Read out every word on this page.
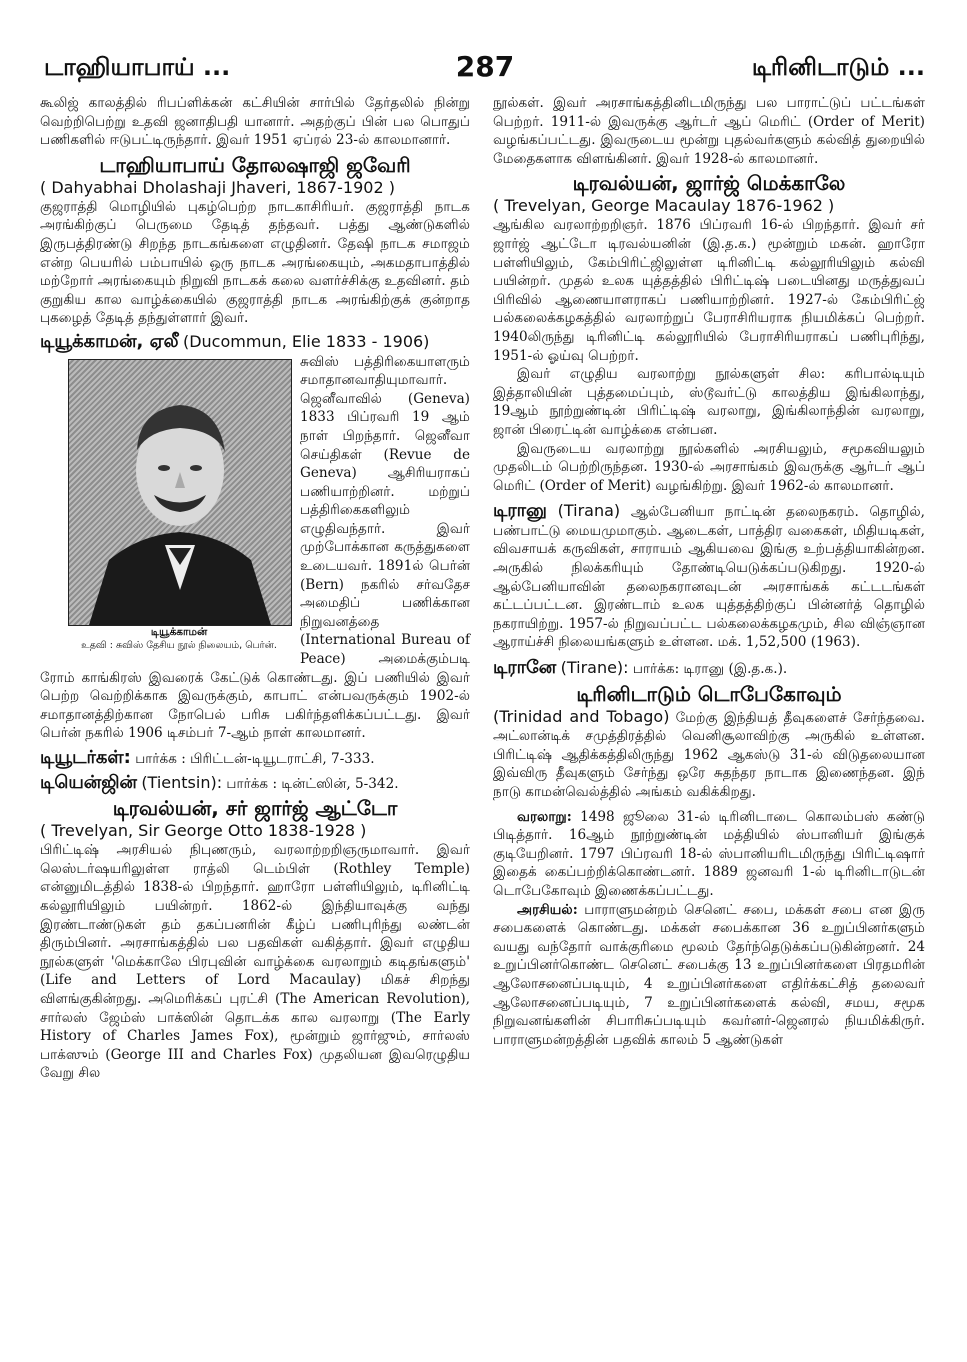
டாஹியாபாய் ...	287	டிரினிடாடும் ...

கூலிஜ் காலத்தில் ரிபப்ளிக்கன் கட்சியின் சார்பில் தேர்தலில் நின்று வெற்றிபெற்று உதவி ஜனாதிபதி யானார். அதற்குப் பின் பல பொதுப் பணிகளில் ஈடுபட்டிருந்தார். இவர் 1951 ஏப்ரல் 23-ல் காலமானார்.

டாஹியாபாய் தோலஷாஜி ஜவேரி
( Dahyabhai Dholashaji Jhaveri, 1867-1902 )

குஜராத்தி மொழியில் புகழ்பெற்ற நாடகாசிரியர். குஜராத்தி நாடக அரங்கிற்குப் பெருமை தேடித் தந்தவர். பத்து ஆண்டுகளில் இருபத்திரண்டு சிறந்த நாடகங்களை எழுதினர். தேஷி நாடக சமாஜம் என்ற பெயரில் பம்பாயில் ஒரு நாடக அரங்கையும், அகமதாபாத்தில் மற்றோர் அரங்கையும் நிறுவி நாடகக் கலை வளர்ச்சிக்கு உதவினர். தம் குறுகிய கால வாழ்க்கையில் குஜராத்தி நாடக அரங்கிற்குக் குன்றாத புகழைத் தேடித் தந்துள்ளார் இவர்.

டியூக்காமன், ஏலீ (Ducommun, Elie 1833 - 1906)

டியூக்காமன்
உதவி : சுவிஸ் தேசிய நூல் நிலையம், பெர்ன்.

சுவிஸ் பத்திரிகையாளரும் சமாதானவாதியுமாவார். ஜெனீவாவில் (Geneva) 1833 பிப்ரவரி 19 ஆம் நாள் பிறந்தார். ஜெனீவா செய்திகள் (Revue de Geneva) ஆசிரியராகப் பணியாற்றினர். மற்றுப் பத்திரிகைகளிலும் எழுதிவந்தார். இவர் முற்போக்கான கருத்துகளை உடையவர். 1891ல் பெர்ன் (Bern) நகரில் சர்வதேச அமைதிப் பணிக்கான நிறுவனத்தை (International Bureau of Peace) அமைக்கும்படி ரோம் காங்கிரஸ் இவரைக் கேட்டுக் கொண்டது. இப் பணியில் இவர் பெற்ற வெற்றிக்காக இவருக்கும், காபாட் என்பவருக்கும் 1902-ல் சமாதானத்திற்கான நோபெல் பரிசு பகிர்ந்தளிக்கப்பட்டது. இவர் பெர்ன் நகரில் 1906 டிசம்பர் 7-ஆம் நாள் காலமானர்.

டியூடர்கள்: பார்க்க : பிரிட்டன்-டியூடராட்சி, 7-333.

டியென்ஜின் (Tientsin): பார்க்க : டின்ட்ஸின், 5-342.

டிரவல்யன், சர் ஜார்ஜ் ஆட்டோ
( Trevelyan, Sir George Otto 1838-1928 )

பிரிட்டிஷ் அரசியல் நிபுணரும், வரலாற்றறிஞருமாவார். இவர் லெஸ்டர்ஷயரிலுள்ள ராத்லி டெம்பிள் (Rothley Temple) என்னுமிடத்தில் 1838-ல் பிறந்தார். ஹாரோ பள்ளியிலும், டிரினிட்டி கல்லூரியிலும் பயின்றர். 1862-ல் இந்தியாவுக்கு வந்து இரண்டாண்டுகள் தம் தகப்பனரின் கீழ்ப் பணிபுரிந்து லண்டன் திரும்பினர். அரசாங்கத்தில் பல பதவிகள் வகித்தார். இவர் எழுதிய நூல்களுள் 'மெக்காலே பிரபுவின் வாழ்க்கை வரலாறும் கடிதங்களும்' (Life and Letters of Lord Macaulay) மிகச் சிறந்து விளங்குகின்றது. அமெரிக்கப் புரட்சி (The American Revolution), சார்லஸ் ஜேம்ஸ் பாக்ஸின் தொடக்க கால வரலாறு (The Early History of Charles James Fox), மூன்றும் ஜார்ஜும், சார்லஸ் பாக்ஸும் (George III and Charles Fox) முதலியன இவரெழுதிய வேறு சில

நூல்கள். இவர் அரசாங்கத்தினிடமிருந்து பல பாராட்டுப் பட்டங்கள் பெற்றர். 1911-ல் இவருக்கு ஆர்டர் ஆப் மெரிட் (Order of Merit) வழங்கப்பட்டது. இவருடைய மூன்று புதல்வர்களும் கல்வித் துறையில் மேதைகளாக விளங்கினர். இவர் 1928-ல் காலமானர்.

டிரவல்யன், ஜார்ஜ் மெக்காலே
( Trevelyan, George Macaulay 1876-1962 )

ஆங்கில வரலாற்றறிஞர். 1876 பிப்ரவரி 16-ல் பிறந்தார். இவர் சர் ஜார்ஜ் ஆட்டோ டிரவல்யனின் (இ.த.க.) மூன்றும் மகன். ஹாரோ பள்ளியிலும், கேம்பிரிட்ஜிலுள்ள டிரினிட்டி கல்லூரியிலும் கல்வி பயின்றர். முதல் உலக யுத்தத்தில் பிரிட்டிஷ் படையினது மருத்துவப் பிரிவில் ஆணையாளராகப் பணியாற்றினர். 1927-ல் கேம்பிரிட்ஜ் பல்கலைக்கழகத்தில் வரலாற்றுப் பேராசிரியராக நியமிக்கப் பெற்றர். 1940லிருந்து டிரினிட்டி கல்லூரியில் பேராசிரியராகப் பணிபுரிந்து, 1951-ல் ஓய்வு பெற்றர்.

இவர் எழுதிய வரலாற்று நூல்களுள் சில: கரிபால்டியும் இத்தாலியின் புத்தமைப்பும், ஸ்டூவர்ட்டு காலத்திய இங்கிலாந்து, 19ஆம் நூற்றுண்டின் பிரிட்டிஷ் வரலாறு, இங்கிலாந்தின் வரலாறு, ஜான் பிரைட்டின் வாழ்க்கை என்பன.

இவருடைய வரலாற்று நூல்களில் அரசியலும், சமூகவியலும் முதலிடம் பெற்றிருந்தன. 1930-ல் அரசாங்கம் இவருக்கு ஆர்டர் ஆப் மெரிட் (Order of Merit) வழங்கிற்று. இவர் 1962-ல் காலமானர்.

டிரானு (Tirana) ஆல்பேனியா நாட்டின் தலைநகரம். தொழில், பண்பாட்டு மையமுமாகும். ஆடைகள், பாத்திர வகைகள், மிதியடிகள், விவசாயக் கருவிகள், சாராயம் ஆகியவை இங்கு உற்பத்தியாகின்றன. அருகில் நிலக்கரியும் தோண்டியெடுக்கப்படுகிறது. 1920-ல் ஆல்பேனியாவின் தலைநகரானவுடன் அரசாங்கக் கட்டடங்கள் கட்டப்பட்டன. இரண்டாம் உலக யுத்தத்திற்குப் பின்னர்த் தொழில் நகராயிற்று. 1957-ல் நிறுவப்பட்ட பல்கலைக்கழகமும், சில விஞ்ஞான ஆராய்ச்சி நிலையங்களும் உள்ளன. மக். 1,52,500 (1963).

டிரானே (Tirane): பார்க்க: டிரானு (இ.த.க.).

டிரினிடாடும் டொபேகோவும்

(Trinidad and Tobago) மேற்கு இந்தியத் தீவுகளைச் சேர்ந்தவை. அட்லான்டிக் சமுத்திரத்தில் வெனிசூலாவிற்கு அருகில் உள்ளன. பிரிட்டிஷ் ஆதிக்கத்திலிருந்து 1962 ஆகஸ்டு 31-ல் விடுதலையான இவ்விரு தீவுகளும் சேர்ந்து ஒரே சுதந்தர நாடாக இணைந்தன. இந் நாடு காமன்வெல்த்தில் அங்கம் வகிக்கிறது.

வரலாறு: 1498 ஜூலை 31-ல் டிரினிடாடை கொலம்பஸ் கண்டு பிடித்தார். 16ஆம் நூற்றுண்டின் மத்தியில் ஸ்பானியர் இங்குக் குடியேறினர். 1797 பிப்ரவரி 18-ல் ஸ்பானியரிடமிருந்து பிரிட்டிஷார் இதைக் கைப்பற்றிக்கொண்டனர். 1889 ஜனவரி 1-ல் டிரினிடாடுடன் டொபேகோவும் இணைக்கப்பட்டது.

அரசியல்: பாராளுமன்றம் செனெட் சபை, மக்கள் சபை என இரு சபைகளைக் கொண்டது. மக்கள் சபைக்கான 36 உறுப்பினர்களும் வயது வந்தோர் வாக்குரிமை மூலம் தேர்ந்தெடுக்கப்படுகின்றனர். 24 உறுப்பினர்கொண்ட செனெட் சபைக்கு 13 உறுப்பினர்களை பிரதமரின் ஆலோசனைப்படியும், 4 உறுப்பினர்களை எதிர்க்கட்சித் தலைவர் ஆலோசனைப்படியும், 7 உறுப்பினர்களைக் கல்வி, சமய, சமூக நிறுவனங்களின் சிபாரிசுப்படியும் கவர்னர்-ஜெனரல் நியமிக்கிருர். பாராளுமன்றத்தின் பதவிக் காலம் 5 ஆண்டுகள்
